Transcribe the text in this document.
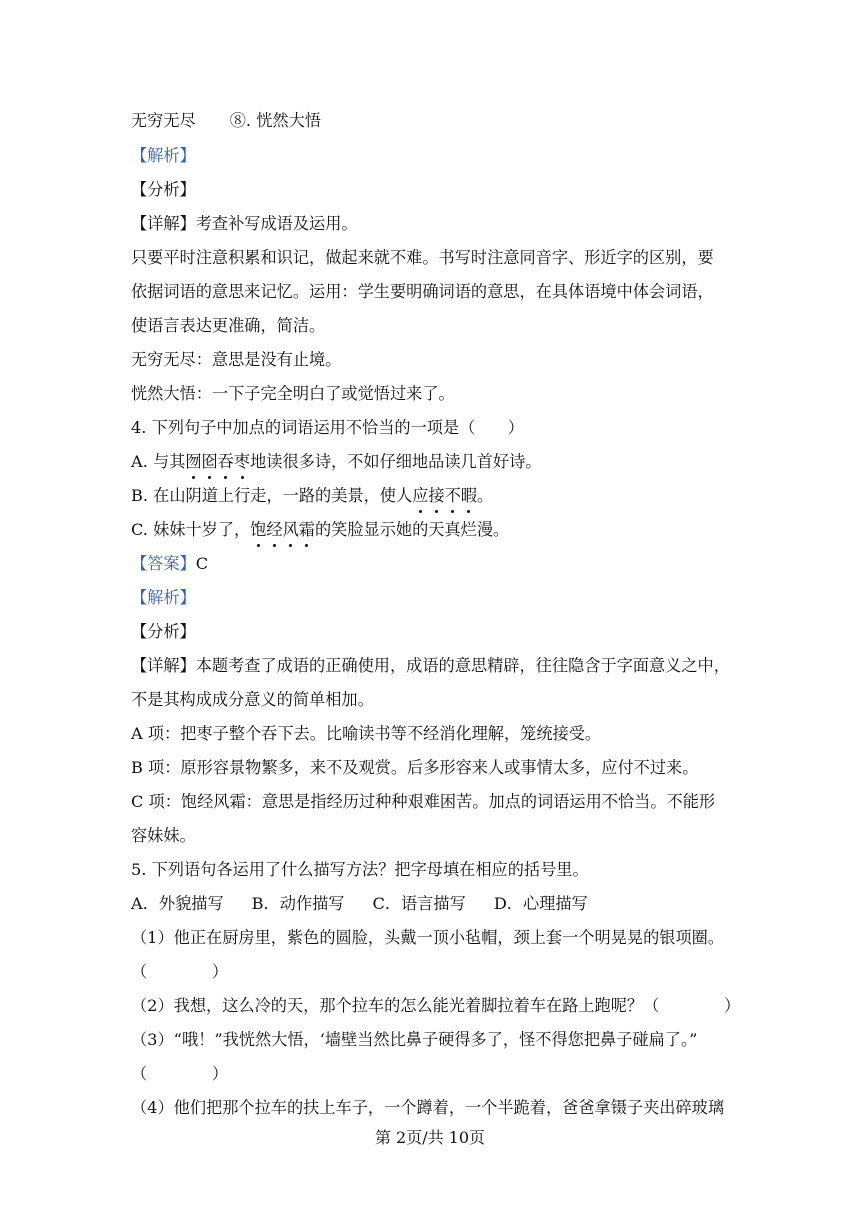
无穷无尽 ⑧. 恍然大悟
【解析】
【分析】
【详解】考查补写成语及运用。
只要平时注意积累和识记，做起来就不难。书写时注意同音字、形近字的区别，要
依据词语的意思来记忆。运用：学生要明确词语的意思，在具体语境中体会词语，
使语言表达更准确，简洁。
无穷无尽：意思是没有止境。
恍然大悟：一下子完全明白了或觉悟过来了。
4. 下列句子中加点的词语运用不恰当的一项是（　　）
A. 与其囫囵吞枣地读很多诗，不如仔细地品读几首好诗。
B. 在山阴道上行走，一路的美景，使人应接不暇。
C. 妹妹十岁了，饱经风霜的笑脸显示她的天真烂漫。
【答案】C
【解析】
【分析】
【详解】本题考查了成语的正确使用，成语的意思精辟，往往隐含于字面意义之中，
不是其构成成分意义的简单相加。
A 项：把枣子整个吞下去。比喻读书等不经消化理解，笼统接受。
B 项：原形容景物繁多，来不及观赏。后多形容来人或事情太多，应付不过来。
C 项：饱经风霜：意思是指经历过种种艰难困苦。加点的词语运用不恰当。不能形
容妹妹。
5. 下列语句各运用了什么描写方法？把字母填在相应的括号里。
A．外貌描写 B．动作描写 C．语言描写 D．心理描写
（1）他正在厨房里，紫色的圆脸，头戴一顶小毡帽，颈上套一个明晃晃的银项圈。
（　　　　）
（2）我想，这么冷的天，那个拉车的怎么能光着脚拉着车在路上跑呢？（　　　　）
（3）“哦！”我恍然大悟，‘墙壁当然比鼻子硬得多了，怪不得您把鼻子碰扁了。”
（　　　　）
（4）他们把那个拉车的扶上车子，一个蹲着，一个半跪着，爸爸拿镊子夹出碎玻璃
第 2页/共 10页
